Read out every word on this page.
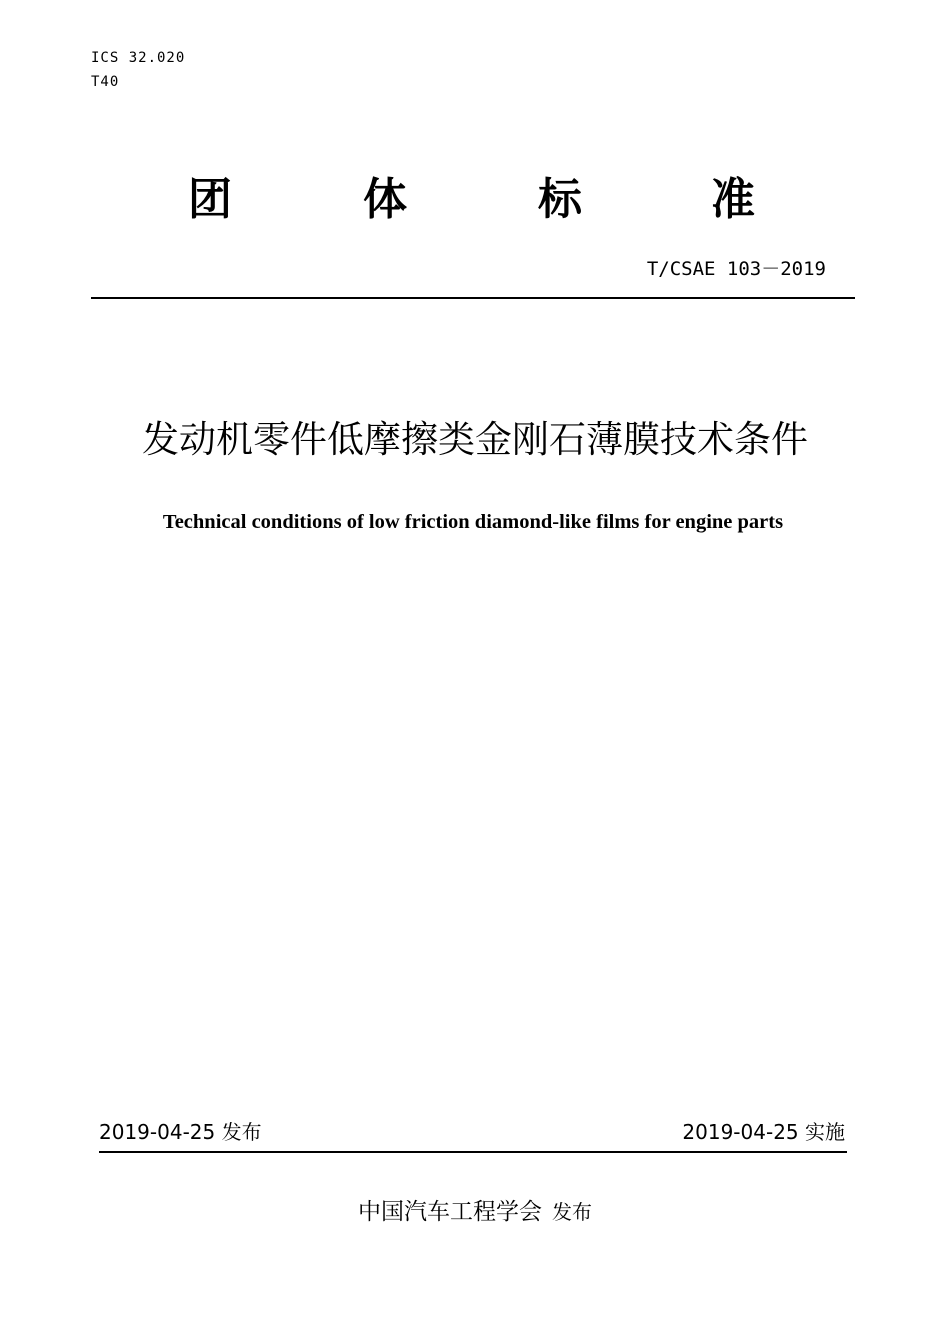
ICS 32.020
T40
团	体	标	准
T/CSAE 103－2019
发动机零件低摩擦类金刚石薄膜技术条件
Technical conditions of low friction diamond-like films for engine parts
2019-04-25 发布	2019-04-25 实施
中国汽车工程学会 发布
